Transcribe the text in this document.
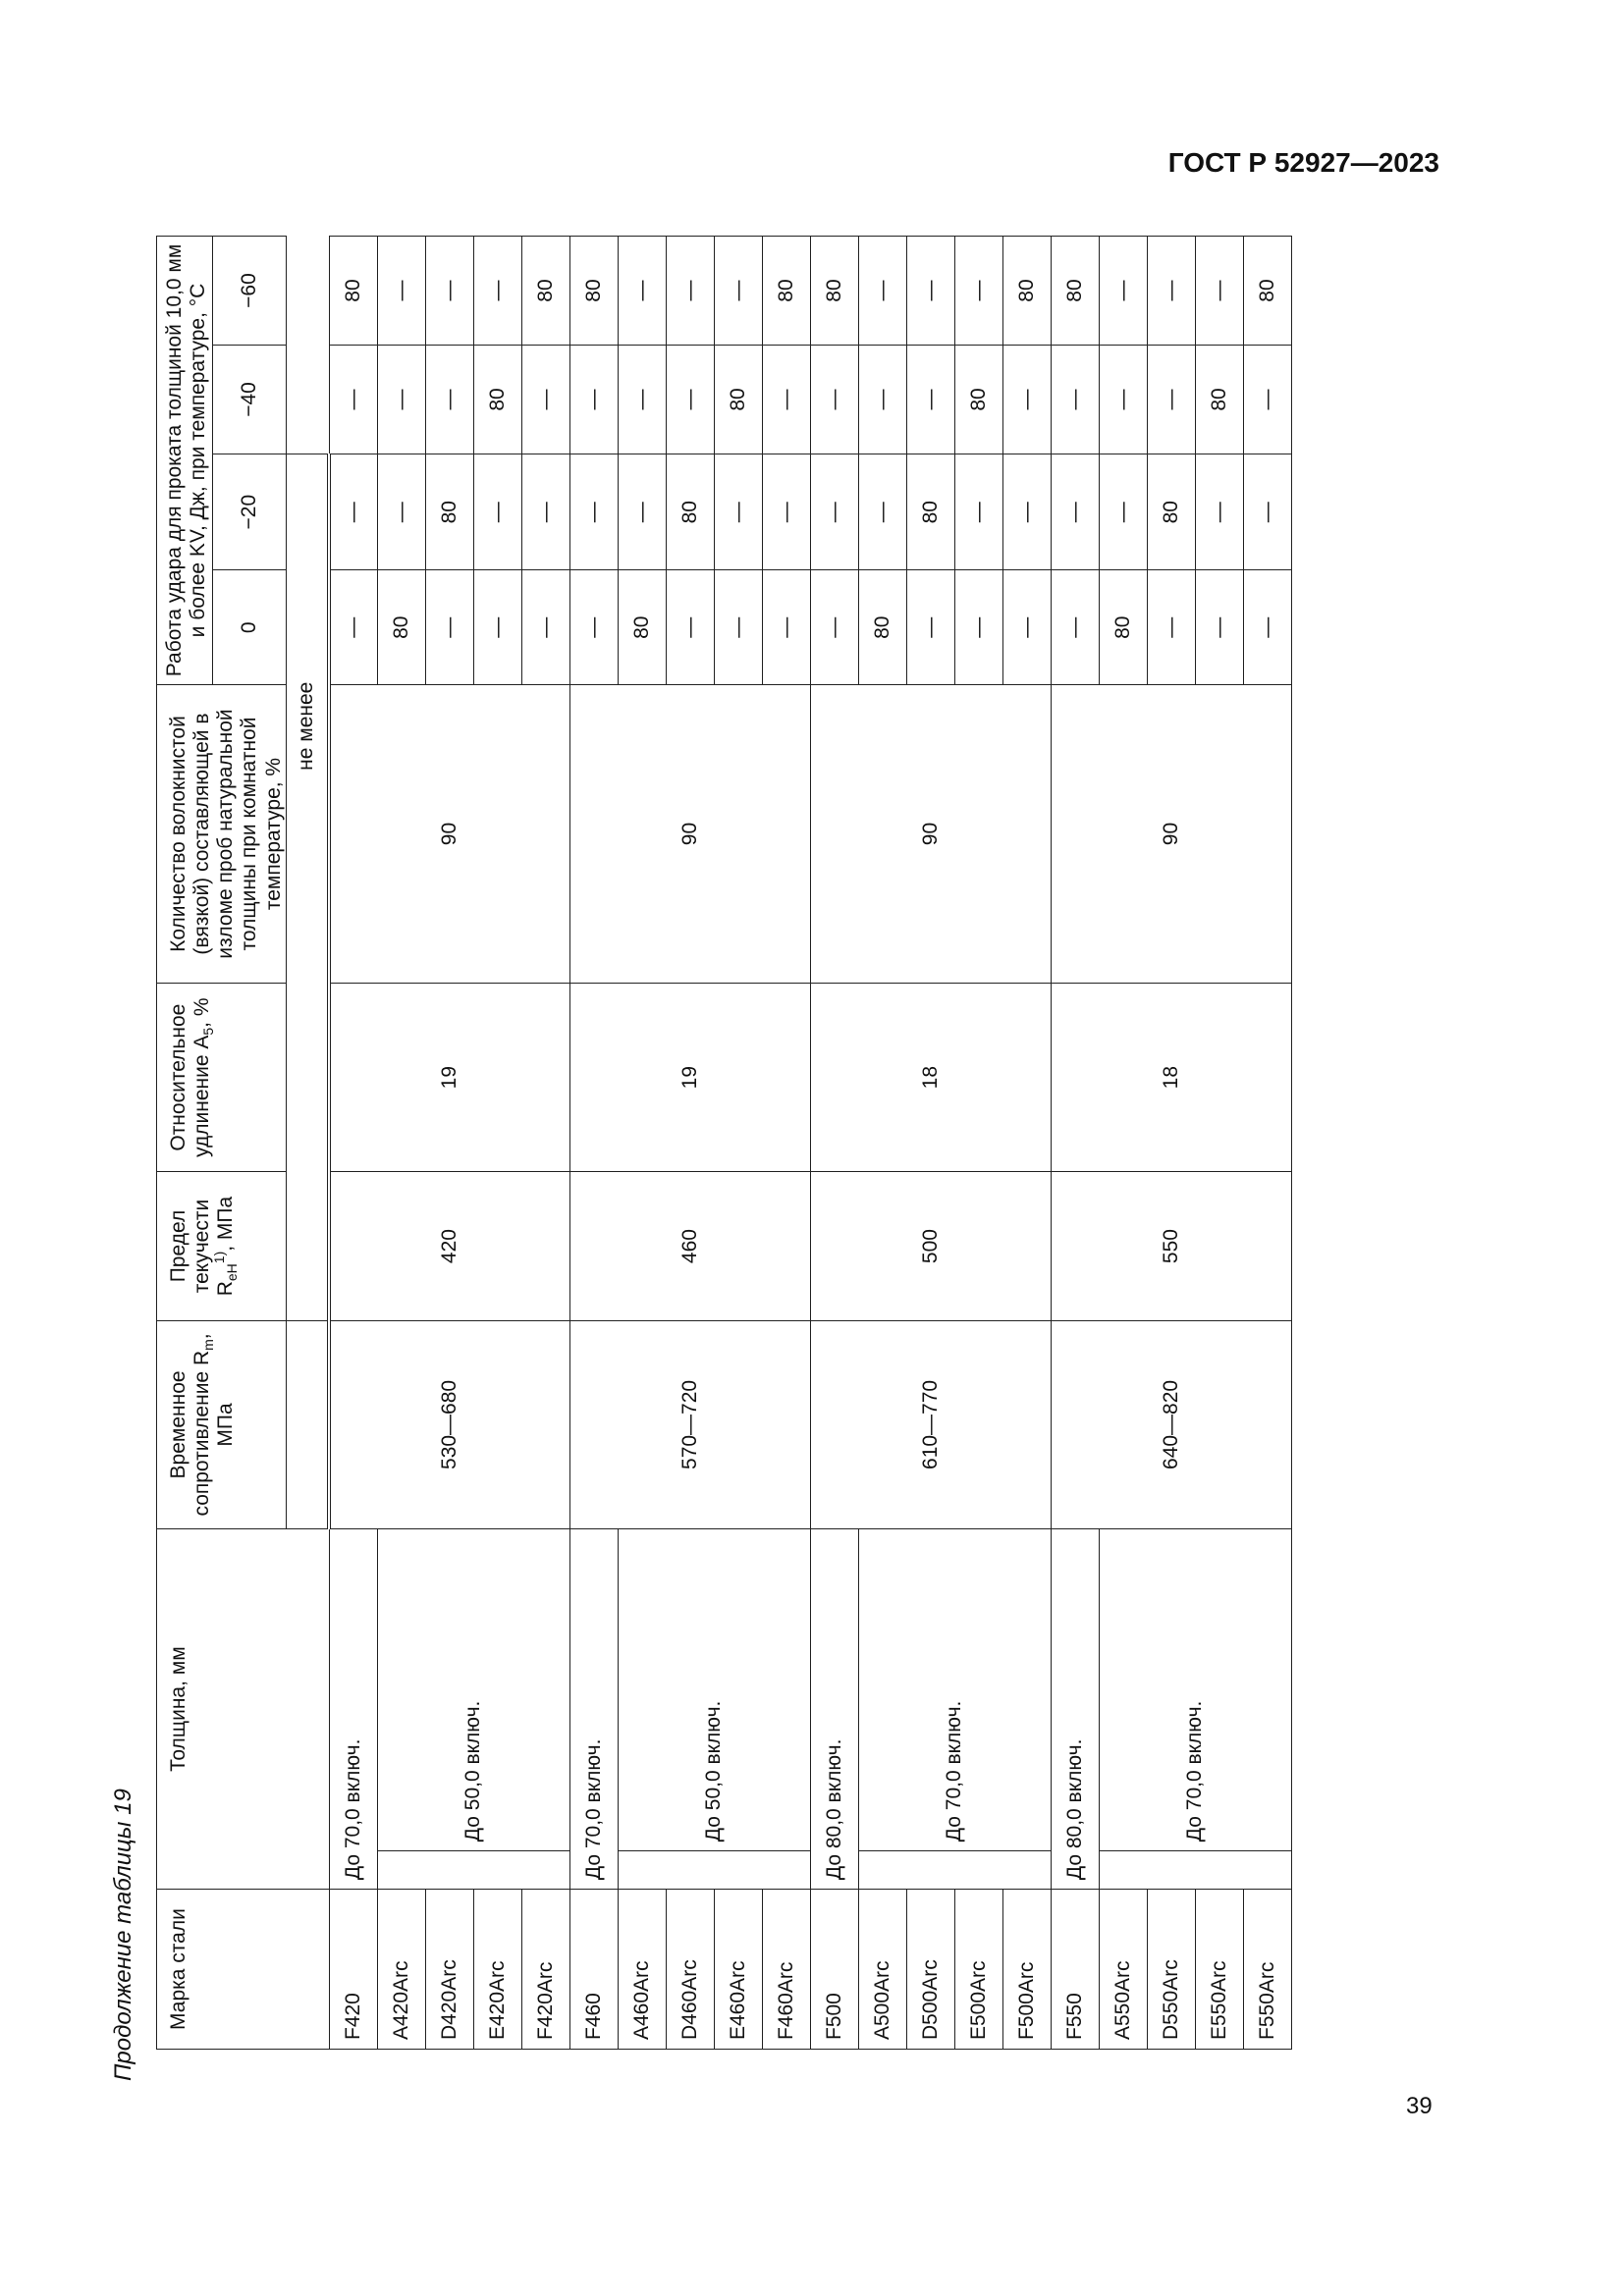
ГОСТ Р 52927—2023
Продолжение таблицы 19 Марка стали	Толщина, мм		Временное сопротивление $R_m$, МПа	Предел текучести $R_{eH}^{1)}$, МПа	Относительное удлинение $A_5$, %	Количество волокнистой (вязкой) составляющей в изломе проб натуральной толщины при комнатной температуре, %	Работа удара для проката толщиной 10,0 мм и более KV, Дж, при температуре, °C			
							0	−20	−40	−60
				не менее						
F420	До 70,0 включ.		530—680	420	19	90	—	—	—	80
A420Arc		До 50,0 включ.					80	—	—	—
D420Arc							—	80	—	—
E420Arc							—	—	80	—
F420Arc							—	—	—	80
F460	До 70,0 включ.		570—720	460	19	90	—	—	—	80
A460Arc		До 50,0 включ.					80	—	—	—
D460Arc							—	80	—	—
E460Arc							—	—	80	—
F460Arc							—	—	—	80
F500	До 80,0 включ.		610—770	500	18	90	—	—	—	80
A500Arc		До 70,0 включ.					80	—	—	—
D500Arc							—	80	—	—
E500Arc							—	—	80	—
F500Arc							—	—	—	80
F550	До 80,0 включ.		640—820	550	18	90	—	—	—	80
A550Arc		До 70,0 включ.					80	—	—	—
D550Arc							—	80	—	—
E550Arc							—	—	80	—
F550Arc							—	—	—	80
39
